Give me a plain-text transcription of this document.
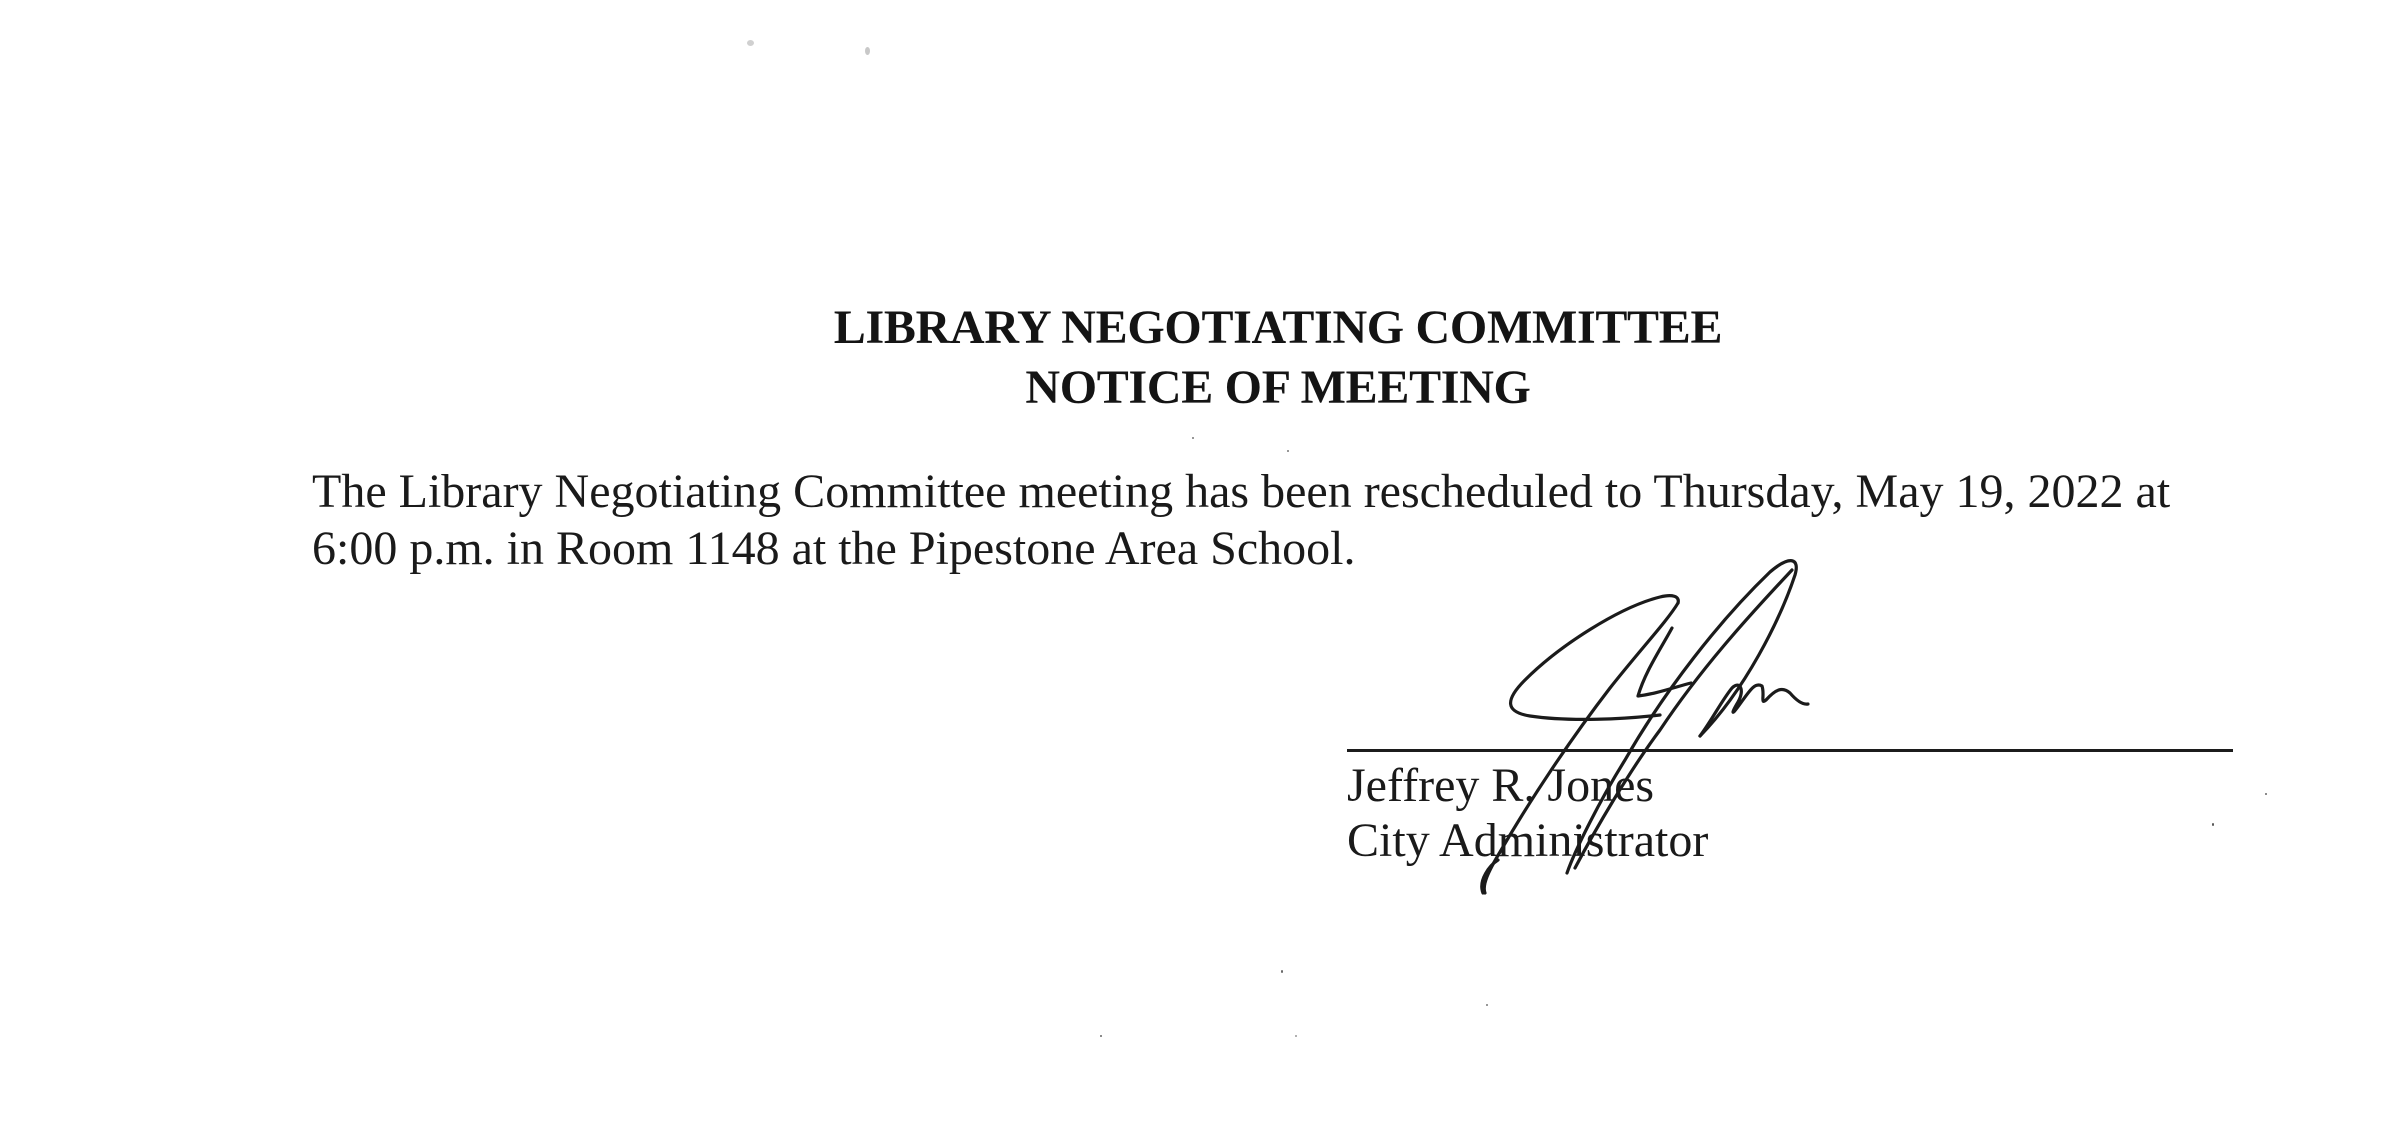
LIBRARY NEGOTIATING COMMITTEE
NOTICE OF MEETING
The Library Negotiating Committee meeting has been rescheduled to Thursday, May 19, 2022 at
6:00 p.m. in Room 1148 at the Pipestone Area School.
Jeffrey R. Jones
City Administrator
